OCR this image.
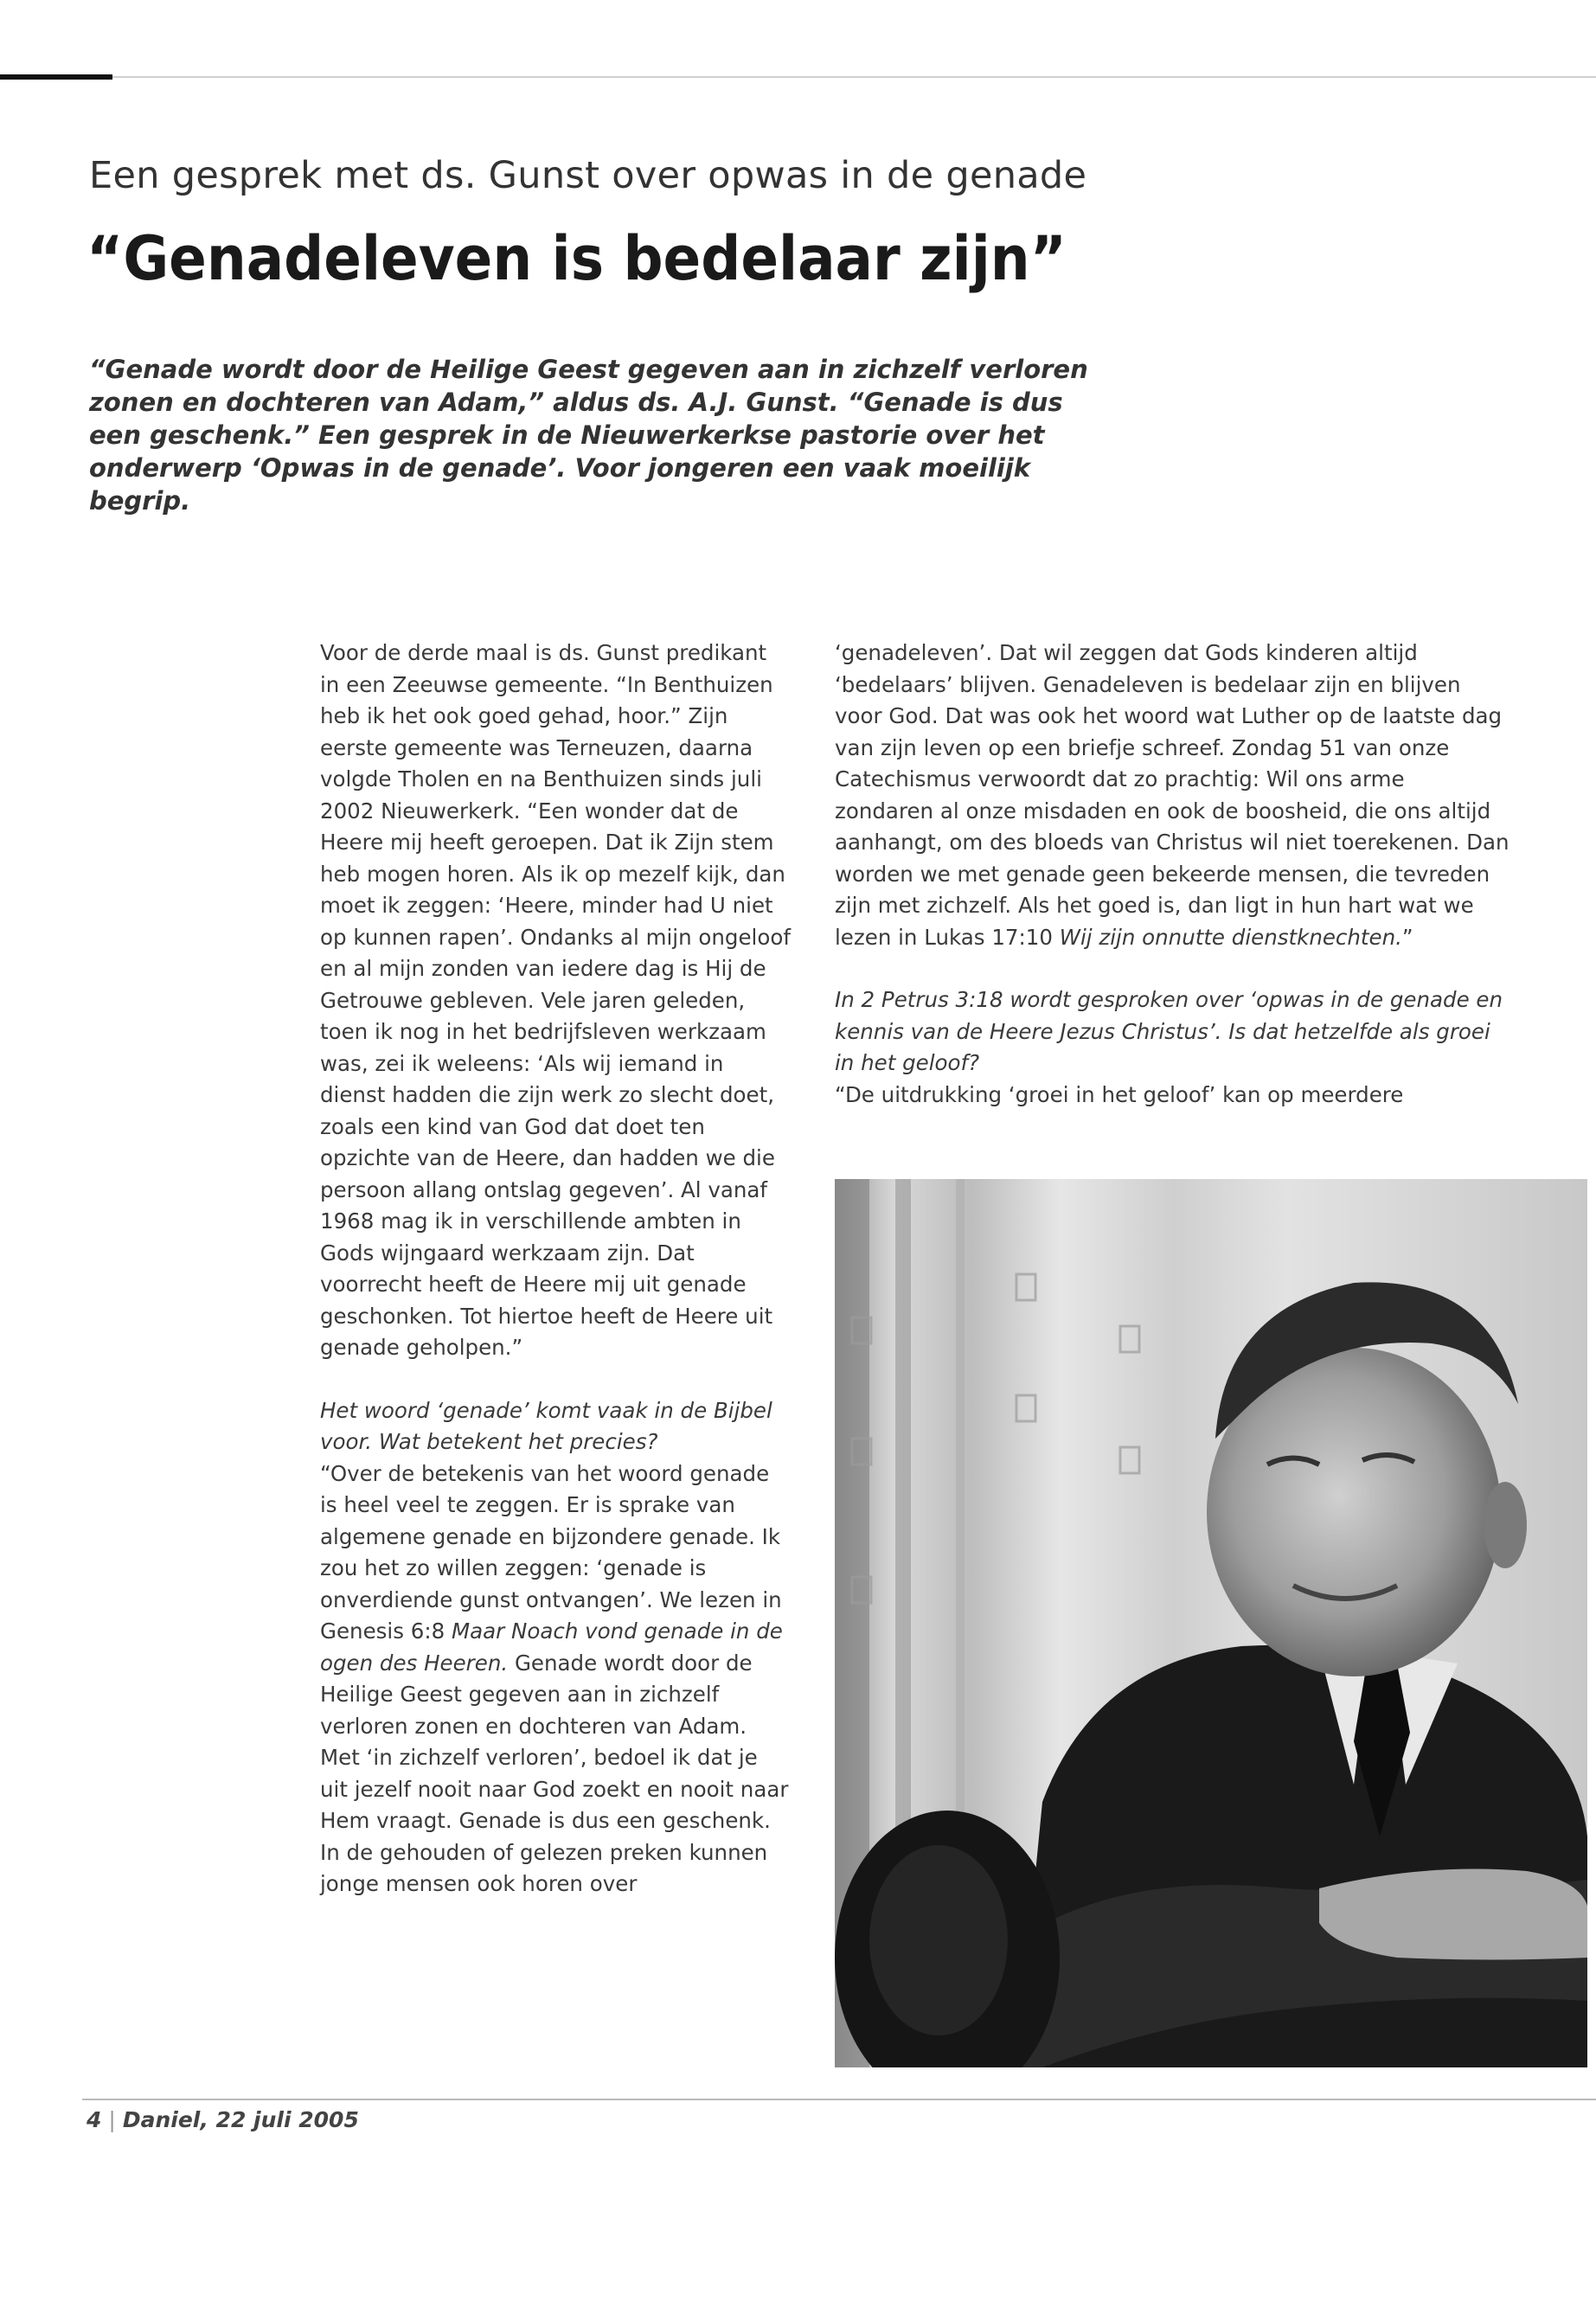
Een gesprek met ds. Gunst over opwas in de genade
“Genadeleven is bedelaar zijn”
“Genade wordt door de Heilige Geest gegeven aan in zichzelf verloren zonen en dochteren van Adam,” aldus ds. A.J. Gunst. “Genade is dus een geschenk.” Een gesprek in de Nieuwerkerkse pastorie over het onderwerp ‘Opwas in de genade’. Voor jongeren een vaak moeilijk begrip.

Voor de derde maal is ds. Gunst predikant in een Zeeuwse gemeente. “In Benthuizen heb ik het ook goed gehad, hoor.” Zijn eerste gemeente was Terneuzen, daarna volgde Tholen en na Benthuizen sinds juli 2002 Nieuwerkerk. “Een wonder dat de Heere mij heeft geroepen. Dat ik Zijn stem heb mogen horen. Als ik op mezelf kijk, dan moet ik zeggen: ‘Heere, minder had U niet op kunnen rapen’. Ondanks al mijn ongeloof en al mijn zonden van iedere dag is Hij de Getrouwe gebleven. Vele jaren geleden, toen ik nog in het bedrijfsleven werkzaam was, zei ik weleens: ‘Als wij iemand in dienst hadden die zijn werk zo slecht doet, zoals een kind van God dat doet ten opzichte van de Heere, dan hadden we die persoon allang ontslag gegeven’. Al vanaf 1968 mag ik in verschillende ambten in Gods wijngaard werkzaam zijn. Dat voorrecht heeft de Heere mij uit genade geschonken. Tot hiertoe heeft de Heere uit genade geholpen.”

Het woord ‘genade’ komt vaak in de Bijbel voor. Wat betekent het precies?

“Over de betekenis van het woord genade is heel veel te zeggen. Er is sprake van algemene genade en bijzondere genade. Ik zou het zo willen zeggen: ‘genade is onverdiende gunst ontvangen’. We lezen in Genesis 6:8 Maar Noach vond genade in de ogen des Heeren. Genade wordt door de Heilige Geest gegeven aan in zichzelf verloren zonen en dochteren van Adam. Met ‘in zichzelf verloren’, bedoel ik dat je uit jezelf nooit naar God zoekt en nooit naar Hem vraagt. Genade is dus een geschenk.

In de gehouden of gelezen preken kunnen jonge mensen ook horen over

‘genadeleven’. Dat wil zeggen dat Gods kinderen altijd ‘bedelaars’ blijven. Genadeleven is bedelaar zijn en blijven voor God. Dat was ook het woord wat Luther op de laatste dag van zijn leven op een briefje schreef. Zondag 51 van onze Catechismus verwoordt dat zo prachtig: Wil ons arme zondaren al onze misdaden en ook de boosheid, die ons altijd aanhangt, om des bloeds van Christus wil niet toerekenen. Dan worden we met genade geen bekeerde mensen, die tevreden zijn met zichzelf. Als het goed is, dan ligt in hun hart wat we lezen in Lukas 17:10 Wij zijn onnutte dienstknechten.”

In 2 Petrus 3:18 wordt gesproken over ‘opwas in de genade en kennis van de Heere Jezus Christus’. Is dat hetzelfde als groei in het geloof?

“De uitdrukking ‘groei in het geloof’ kan op meerdere

4 | Daniel, 22 juli 2005
